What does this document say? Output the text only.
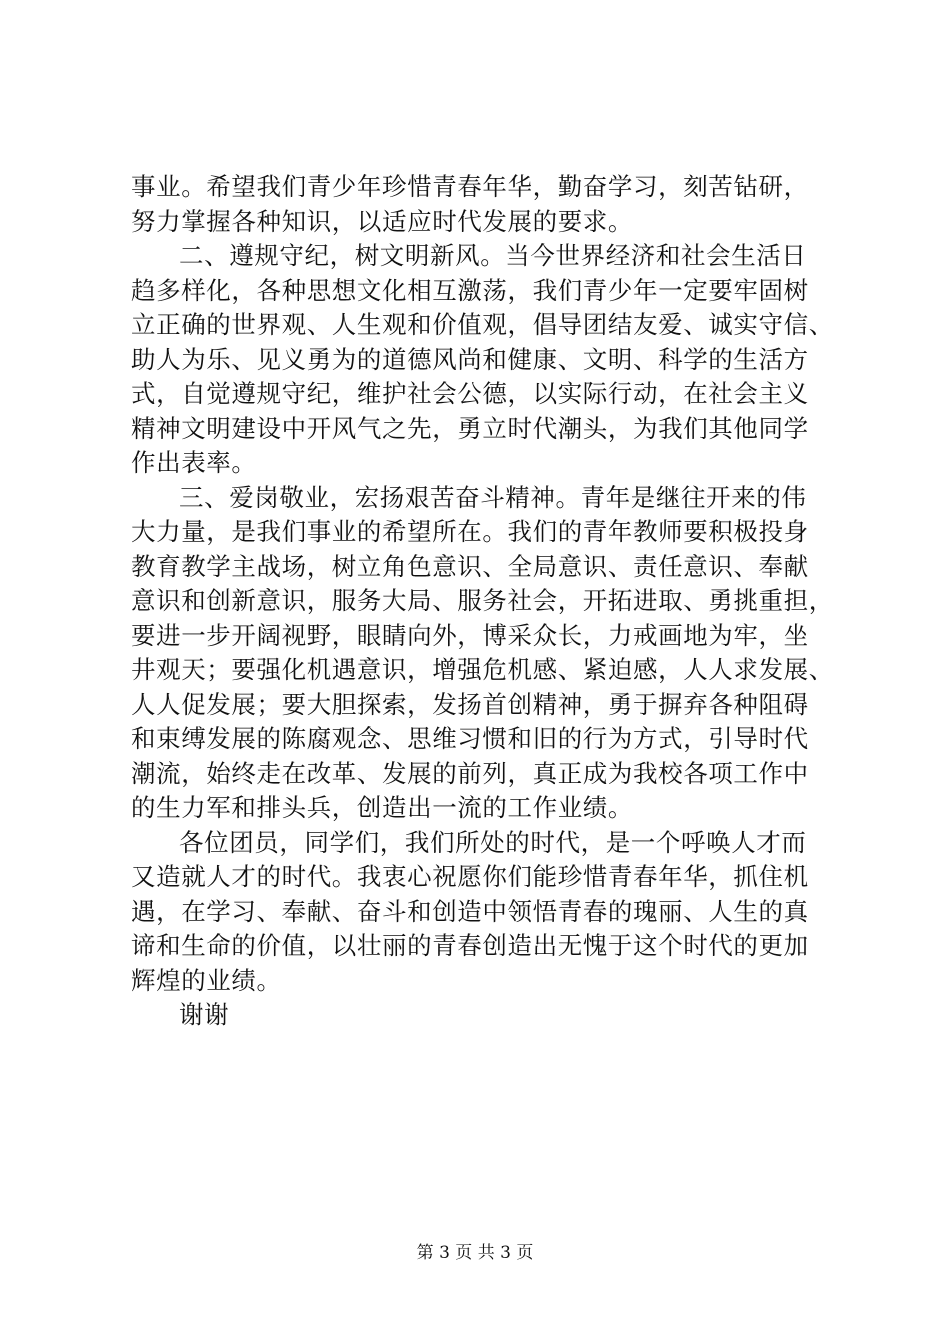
事业。希望我们青少年珍惜青春年华，勤奋学习，刻苦钻研，
努力掌握各种知识，以适应时代发展的要求。
二、遵规守纪，树文明新风。当今世界经济和社会生活日
趋多样化，各种思想文化相互激荡，我们青少年一定要牢固树
立正确的世界观、人生观和价值观，倡导团结友爱、诚实守信、
助人为乐、见义勇为的道德风尚和健康、文明、科学的生活方
式，自觉遵规守纪，维护社会公德，以实际行动，在社会主义
精神文明建设中开风气之先，勇立时代潮头，为我们其他同学
作出表率。
三、爱岗敬业，宏扬艰苦奋斗精神。青年是继往开来的伟
大力量，是我们事业的希望所在。我们的青年教师要积极投身
教育教学主战场，树立角色意识、全局意识、责任意识、奉献
意识和创新意识，服务大局、服务社会，开拓进取、勇挑重担，
要进一步开阔视野，眼睛向外，博采众长，力戒画地为牢，坐
井观天；要强化机遇意识，增强危机感、紧迫感，人人求发展、
人人促发展；要大胆探索，发扬首创精神，勇于摒弃各种阻碍
和束缚发展的陈腐观念、思维习惯和旧的行为方式，引导时代
潮流，始终走在改革、发展的前列，真正成为我校各项工作中
的生力军和排头兵，创造出一流的工作业绩。
各位团员，同学们，我们所处的时代，是一个呼唤人才而
又造就人才的时代。我衷心祝愿你们能珍惜青春年华，抓住机
遇，在学习、奉献、奋斗和创造中领悟青春的瑰丽、人生的真
谛和生命的价值，以壮丽的青春创造出无愧于这个时代的更加
辉煌的业绩。
谢谢
第 3 页 共 3 页
